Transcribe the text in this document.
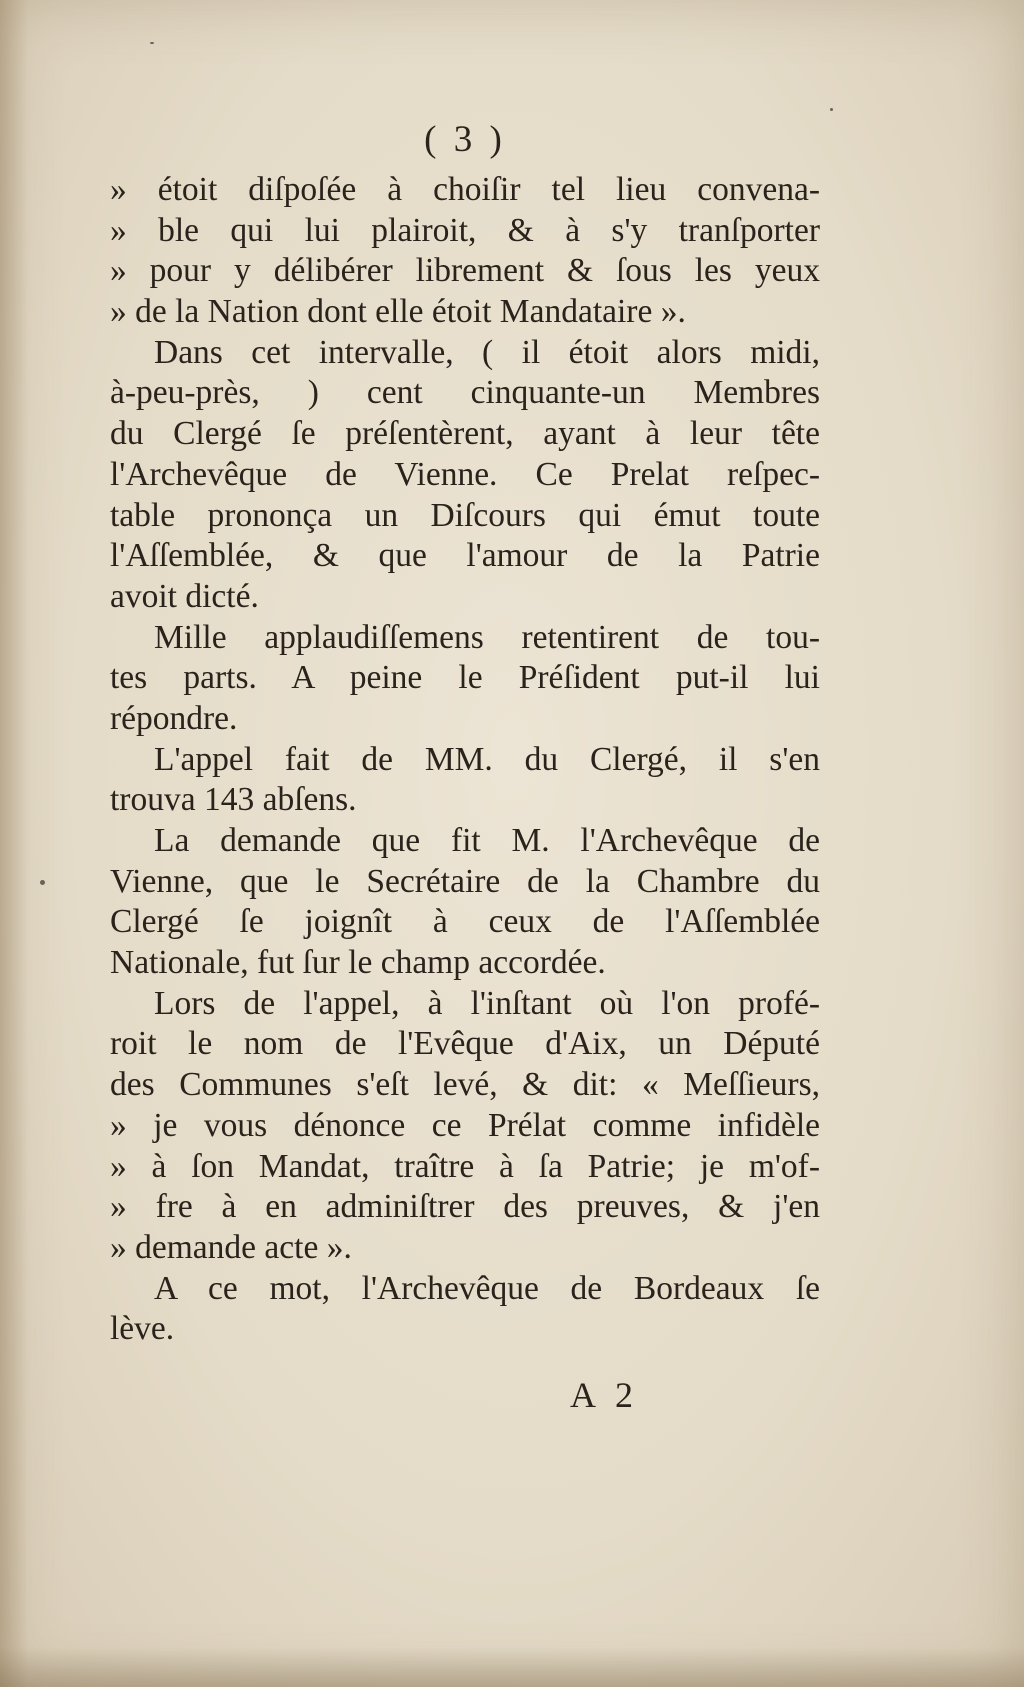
( 3 )
» étoit diſpoſée à choiſir tel lieu convena-
» ble qui lui plairoit, & à s'y tranſporter
» pour y délibérer librement & ſous les yeux
» de la Nation dont elle étoit Mandataire ».
Dans cet intervalle, ( il étoit alors midi,
à-peu-près, ) cent cinquante-un Membres
du Clergé ſe préſentèrent, ayant à leur tête
l'Archevêque de Vienne. Ce Prelat reſpec-
table prononça un Diſcours qui émut toute
l'Aſſemblée, & que l'amour de la Patrie
avoit dicté.
Mille applaudiſſemens retentirent de tou-
tes parts. A peine le Préſident put-il lui
répondre.
L'appel fait de MM. du Clergé, il s'en
trouva 143 abſens.
La demande que fit M. l'Archevêque de
Vienne, que le Secrétaire de la Chambre du
Clergé ſe joignît à ceux de l'Aſſemblée
Nationale, fut ſur le champ accordée.
Lors de l'appel, à l'inſtant où l'on profé-
roit le nom de l'Evêque d'Aix, un Député
des Communes s'eſt levé, & dit: « Meſſieurs,
» je vous dénonce ce Prélat comme infidèle
» à ſon Mandat, traître à ſa Patrie; je m'of-
» fre à en adminiſtrer des preuves, & j'en
» demande acte ».
A ce mot, l'Archevêque de Bordeaux ſe
lève.
A 2
